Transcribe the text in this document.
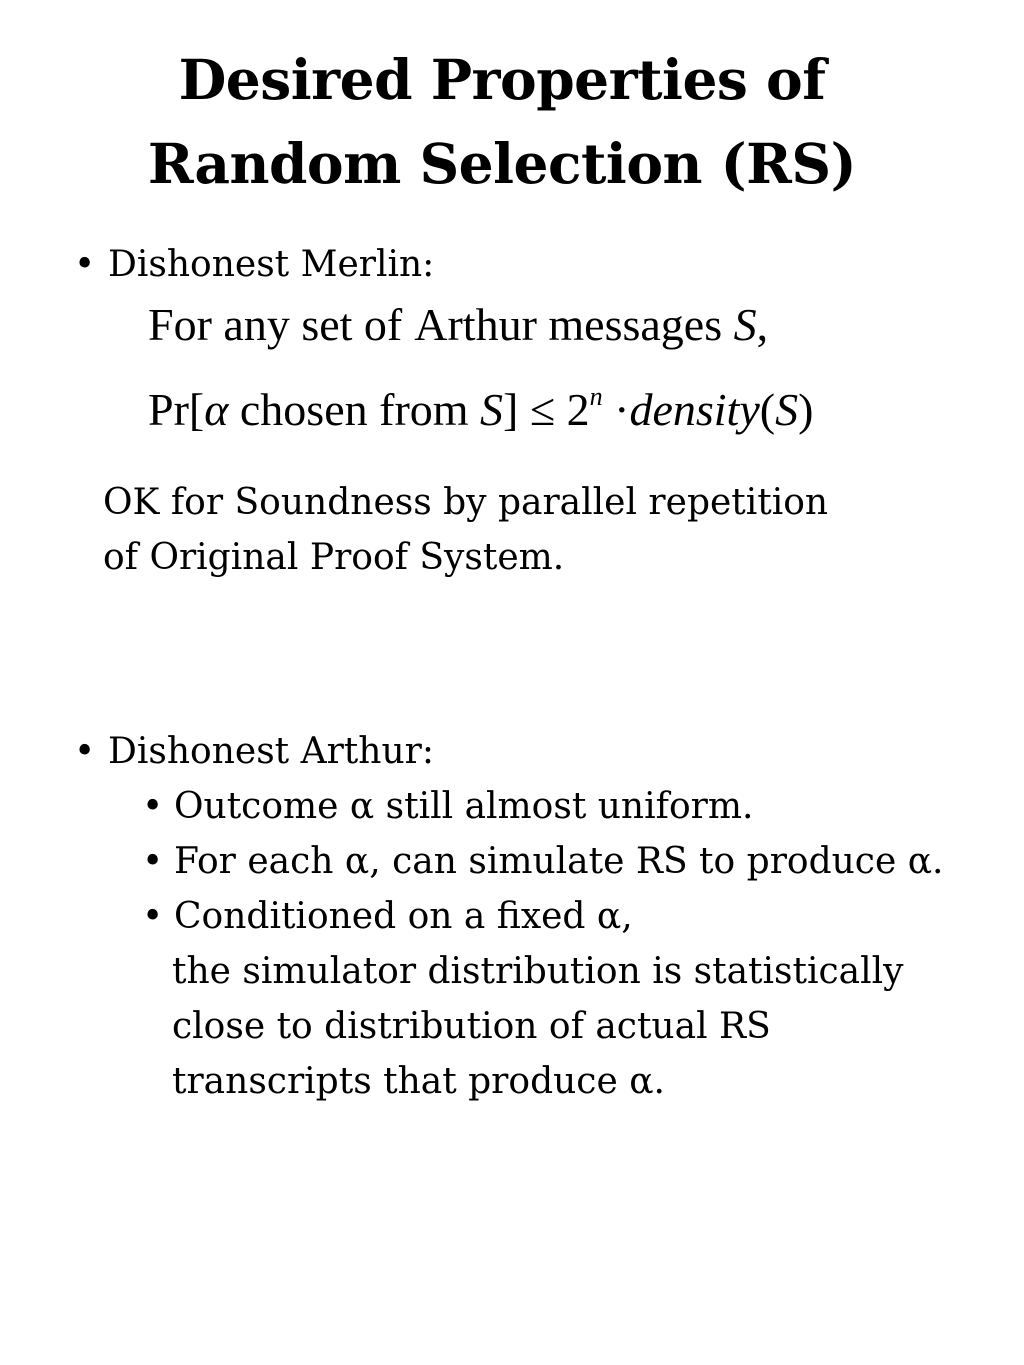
Desired Properties of
Random Selection (RS)
• Dishonest Merlin:
For any set of Arthur messages S,
Pr[α chosen from $S] \le 2^n$ ·density(S)
OK for Soundness by parallel repetition
of Original Proof System.
• Dishonest Arthur:
• Outcome α still almost uniform.
• For each α, can simulate RS to produce α.
• Conditioned on a fixed α,
the simulator distribution is statistically
close to distribution of actual RS
transcripts that produce α.
